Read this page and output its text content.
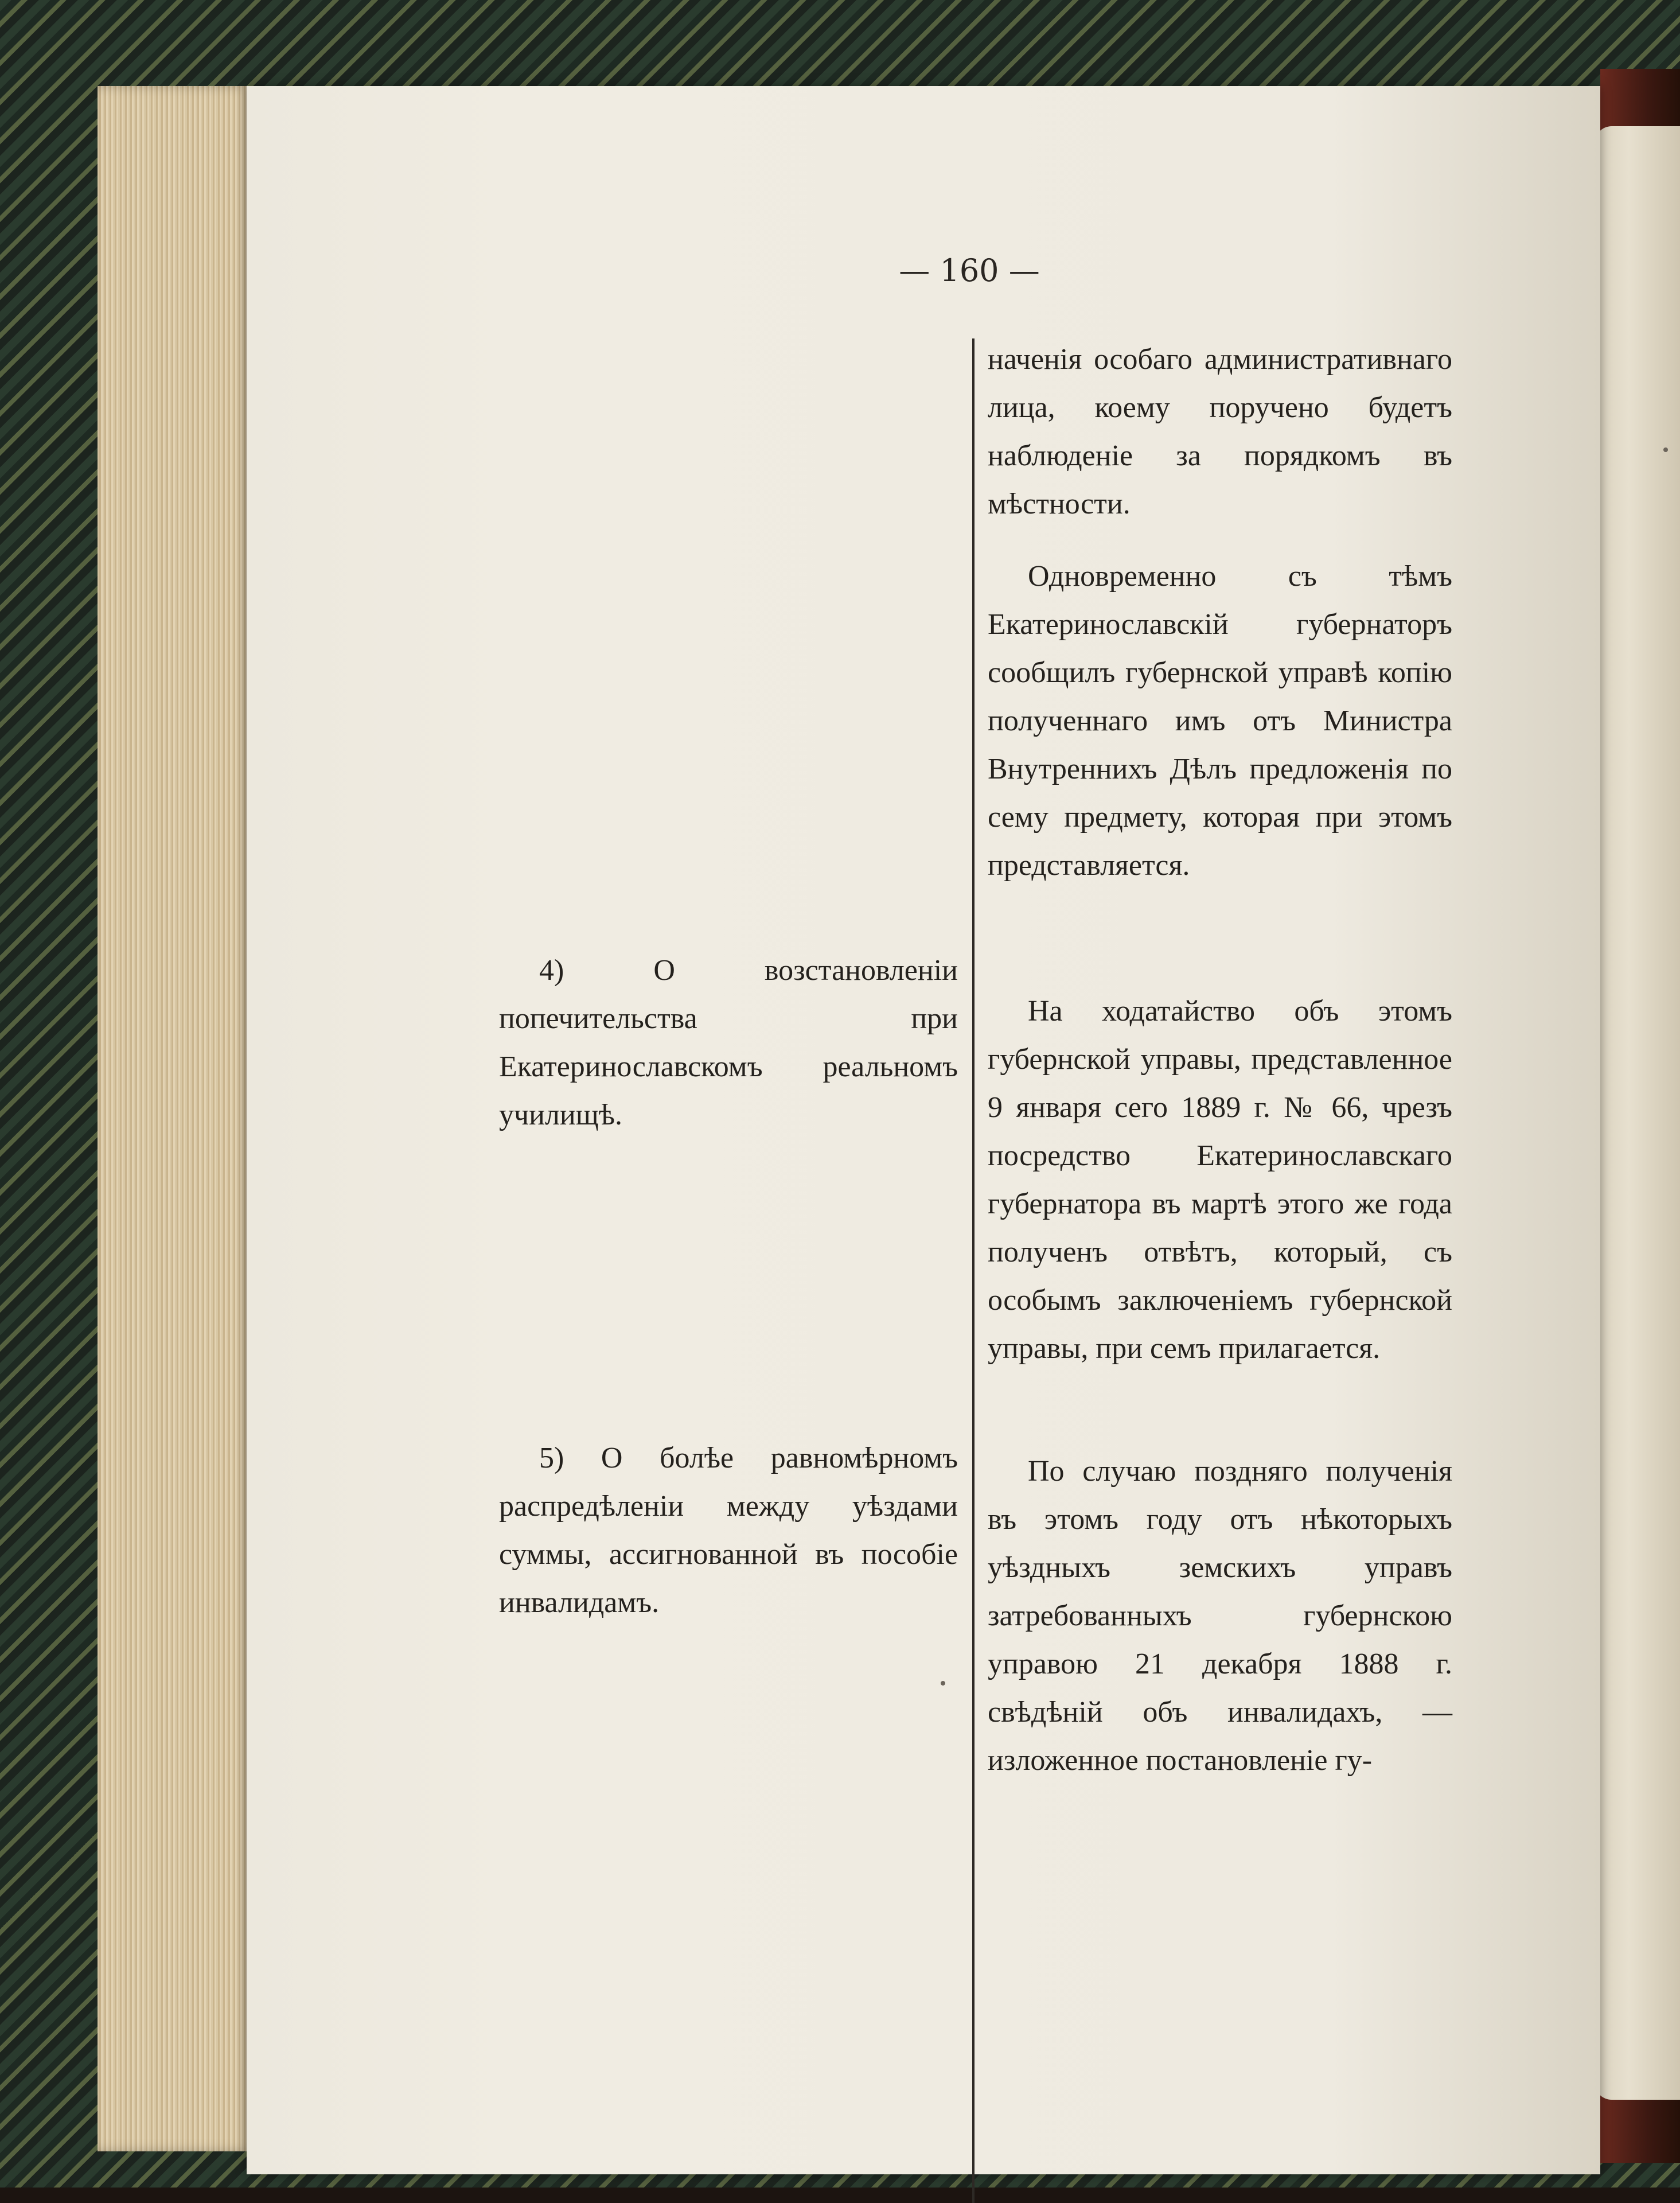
— 160 —

4) О возстановленіи попечительства при Екатеринославскомъ реальномъ училищѣ.

5) О болѣе равномѣрномъ распредѣленіи между уѣздами суммы, ассигнованной въ пособіе инвалидамъ.

наченія особаго административнаго лица, коему поручено будетъ наблюденіе за порядкомъ въ мѣстности.

Одновременно съ тѣмъ Екатеринославскій губернаторъ сообщилъ губернской управѣ копію полученнаго имъ отъ Министра Внутреннихъ Дѣлъ предложенія по сему предмету, которая при этомъ представляется.

На ходатайство объ этомъ губернской управы, представленное 9 января сего 1889 г. № 66, чрезъ посредство Екатеринославскаго губернатора въ мартѣ этого же года полученъ отвѣтъ, который, съ особымъ заключеніемъ губернской управы, при семъ прилагается.

По случаю поздняго полученія въ этомъ году отъ нѣкоторыхъ уѣздныхъ земскихъ управъ затребованныхъ губернскою управою 21 декабря 1888 г. свѣдѣній объ инвалидахъ, — изложенное постановленіе гу-
